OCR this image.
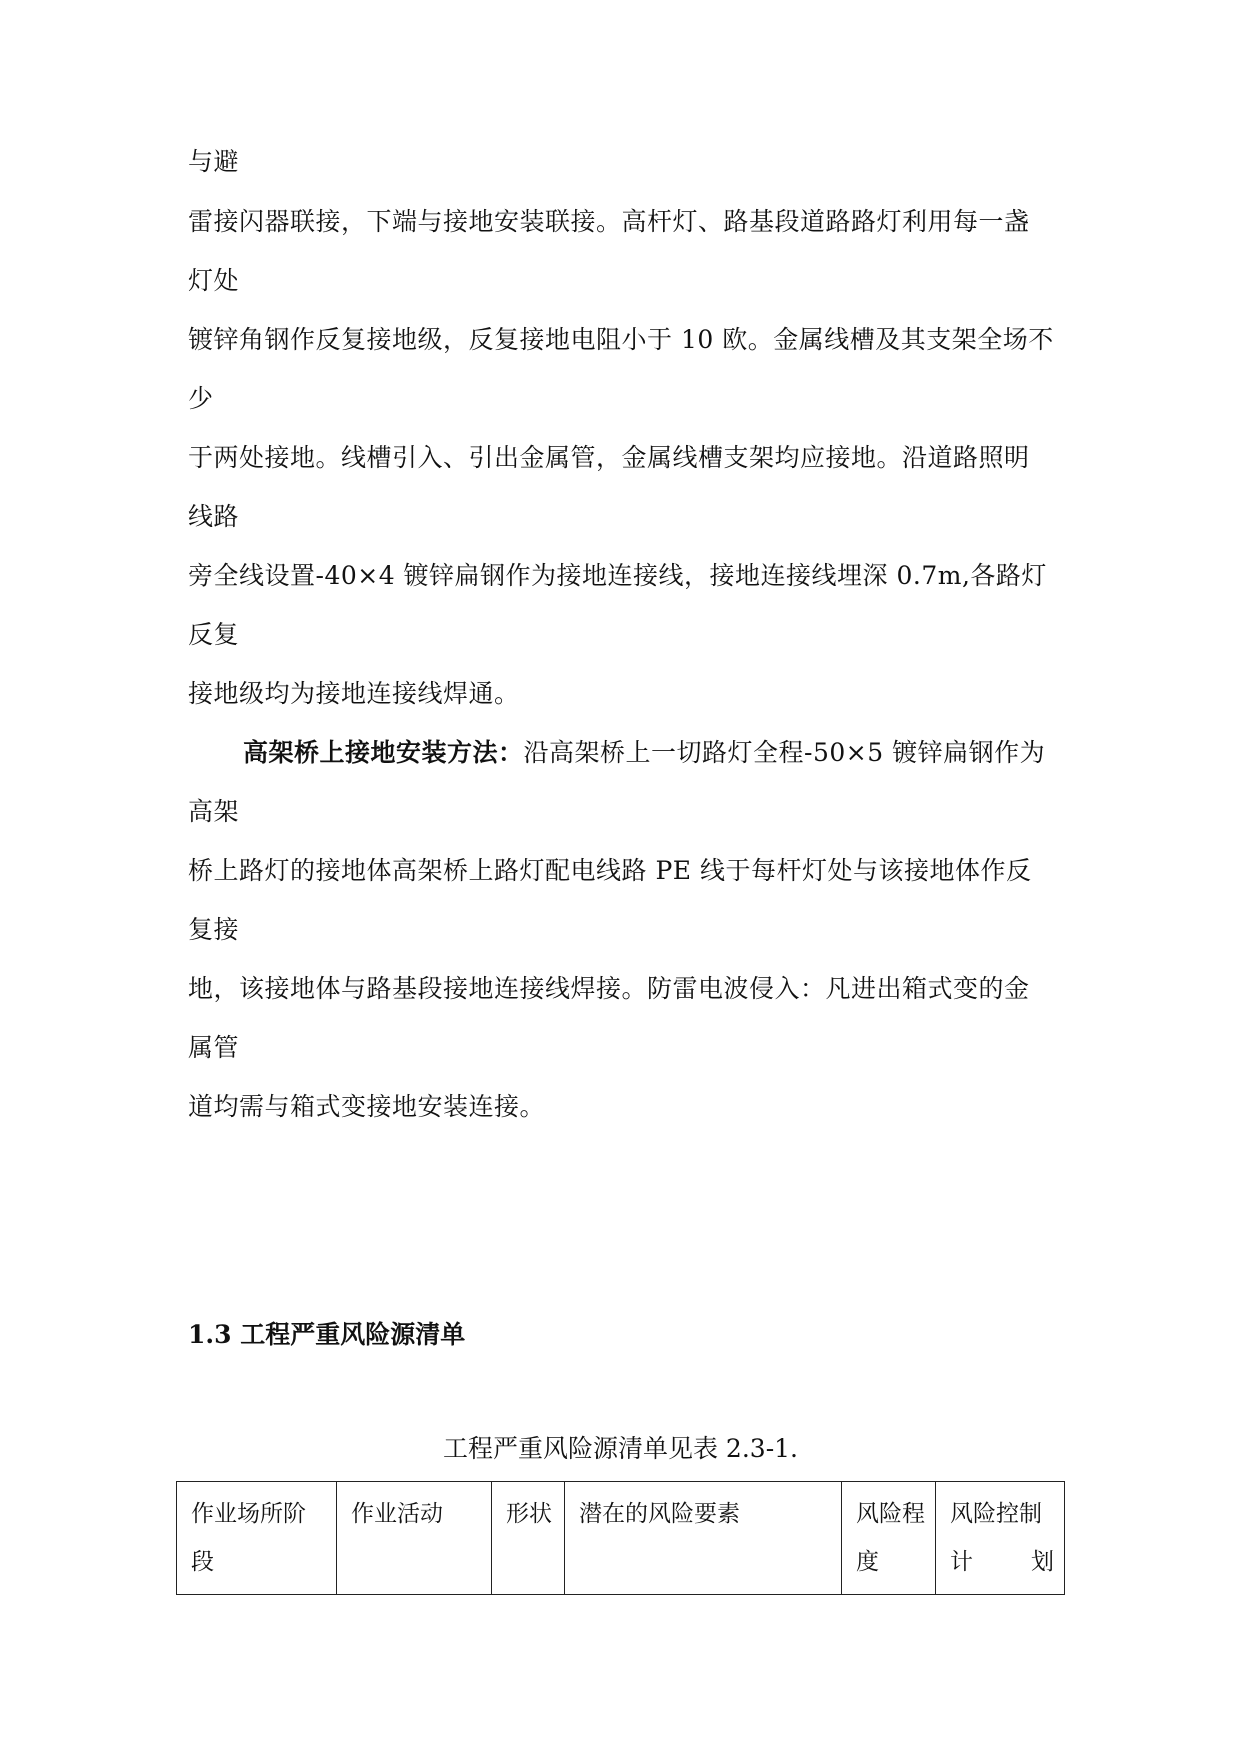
与避
雷接闪器联接，下端与接地安装联接。高杆灯、路基段道路路灯利用每一盏
灯处
镀锌角钢作反复接地级，反复接地电阻小于 10 欧。金属线槽及其支架全场不
少
于两处接地。线槽引入、引出金属管，金属线槽支架均应接地。沿道路照明
线路
旁全线设置-40×4 镀锌扁钢作为接地连接线，接地连接线埋深 0.7m,各路灯
反复
接地级均为接地连接线焊通。
高架桥上接地安装方法：沿高架桥上一切路灯全程-50×5 镀锌扁钢作为
高架
桥上路灯的接地体高架桥上路灯配电线路 PE 线于每杆灯处与该接地体作反
复接
地，该接地体与路基段接地连接线焊接。防雷电波侵入：凡进出箱式变的金
属管
道均需与箱式变接地安装连接。
1.3 工程严重风险源清单
工程严重风险源清单见表 2.3-1.
作业场所阶段	作业活动	形状	潜在的风险要素	风险程度	风险控制计划
